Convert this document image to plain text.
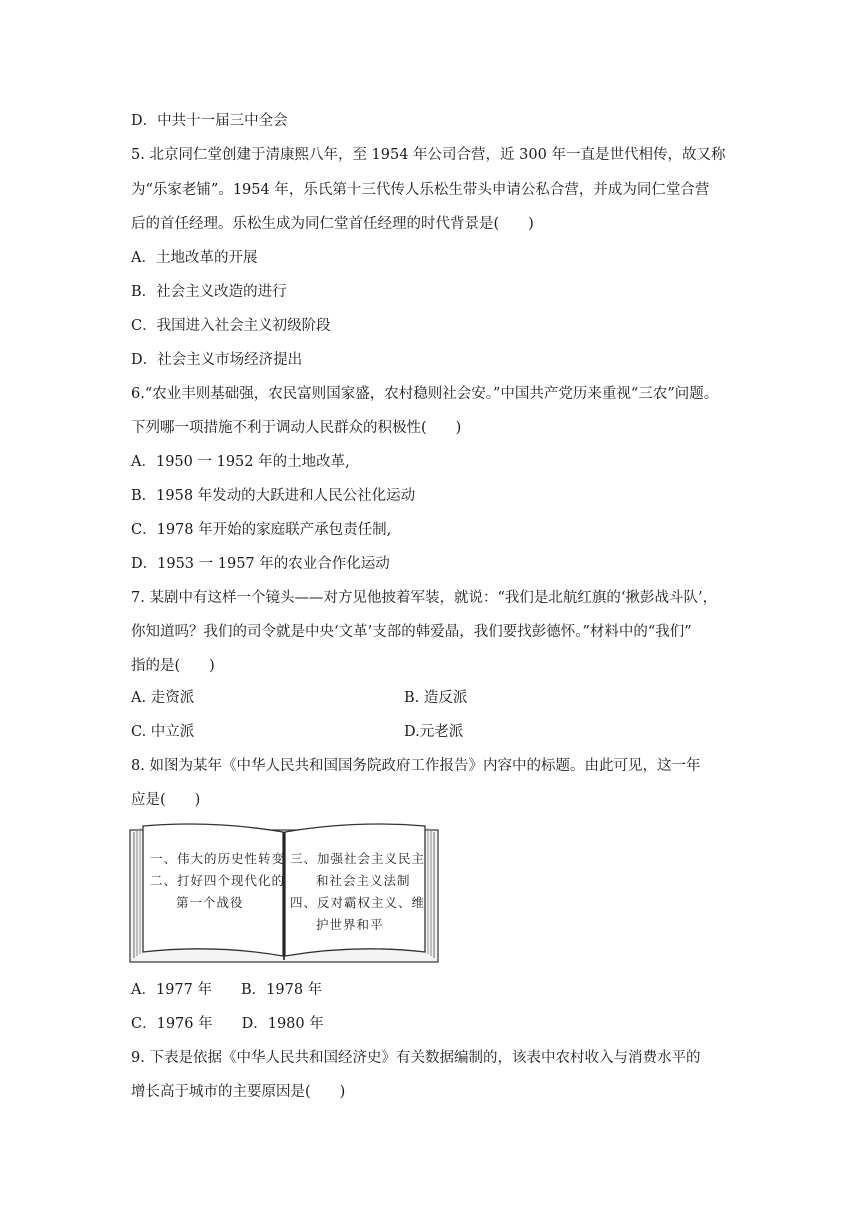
D．中共十一届三中全会
5. 北京同仁堂创建于清康熙八年，至 1954 年公司合营，近 300 年一直是世代相传，故又称
为“乐家老铺”。1954 年，乐氏第十三代传人乐松生带头申请公私合营，并成为同仁堂合营
后的首任经理。乐松生成为同仁堂首任经理的时代背景是(　　)
A．土地改革的开展
B．社会主义改造的进行
C．我国进入社会主义初级阶段
D．社会主义市场经济提出
6.“农业丰则基础强，农民富则国家盛，农村稳则社会安。”中国共产党历来重视“三农”问题。
下列哪一项措施不利于调动人民群众的积极性(　　)
A．1950 一 1952 年的土地改革,
B．1958 年发动的大跃进和人民公社化运动
C．1978 年开始的家庭联产承包责任制,
D．1953 一 1957 年的农业合作化运动
7. 某剧中有这样一个镜头——对方见他披着军装，就说：“我们是北航红旗的‘揪彭战斗队’，
你知道吗？我们的司令就是中央‘文革’支部的韩爱晶，我们要找彭德怀。”材料中的“我们”
指的是(　　)
A. 走资派	B. 造反派
C. 中立派	D.元老派
8. 如图为某年《中华人民共和国国务院政府工作报告》内容中的标题。由此可见，这一年
应是(　　)
一、伟大的历史性转变
二、打好四个现代化的
第一个战役
三、加强社会主义民主
和社会主义法制
四、反对霸权主义、维
护世界和平
A．1977 年　　B．1978 年
C．1976 年　　D．1980 年
9. 下表是依据《中华人民共和国经济史》有关数据编制的，该表中农村收入与消费水平的
增长高于城市的主要原因是(　　)
